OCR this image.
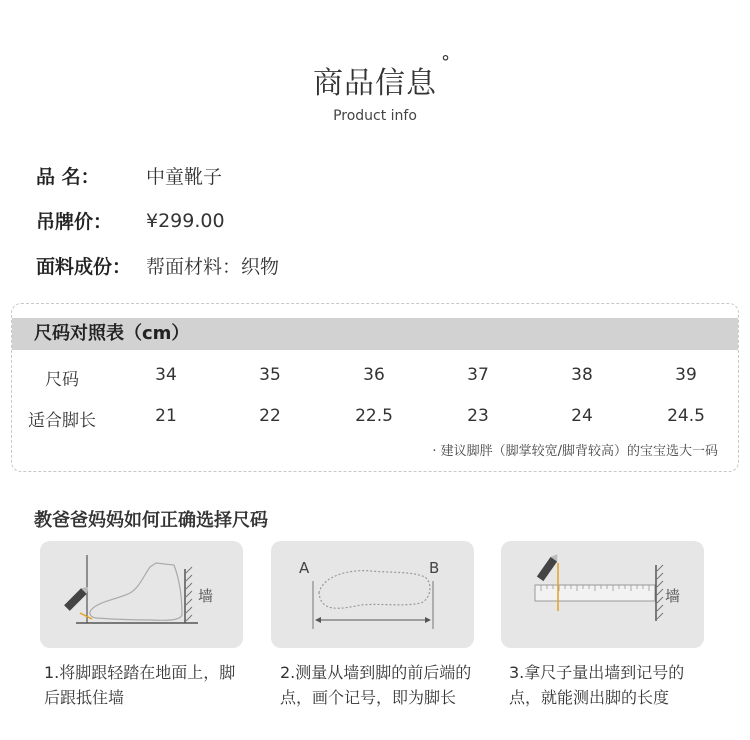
商品信息
°
Product info
品 名：	中童靴子
吊牌价：	¥299.00
面料成份： 帮面材料：织物
尺码对照表（cm）
尺码	34	35	36	37	38	39
适合脚长	21	22	22.5	23	24	24.5
· 建议脚胖（脚掌较宽/脚背较高）的宝宝选大一码
教爸爸妈妈如何正确选择尺码
墙
A	B
墙
1.将脚跟轻踏在地面上，脚后跟抵住墙
2.测量从墙到脚的前后端的点，画个记号，即为脚长
3.拿尺子量出墙到记号的点，就能测出脚的长度
